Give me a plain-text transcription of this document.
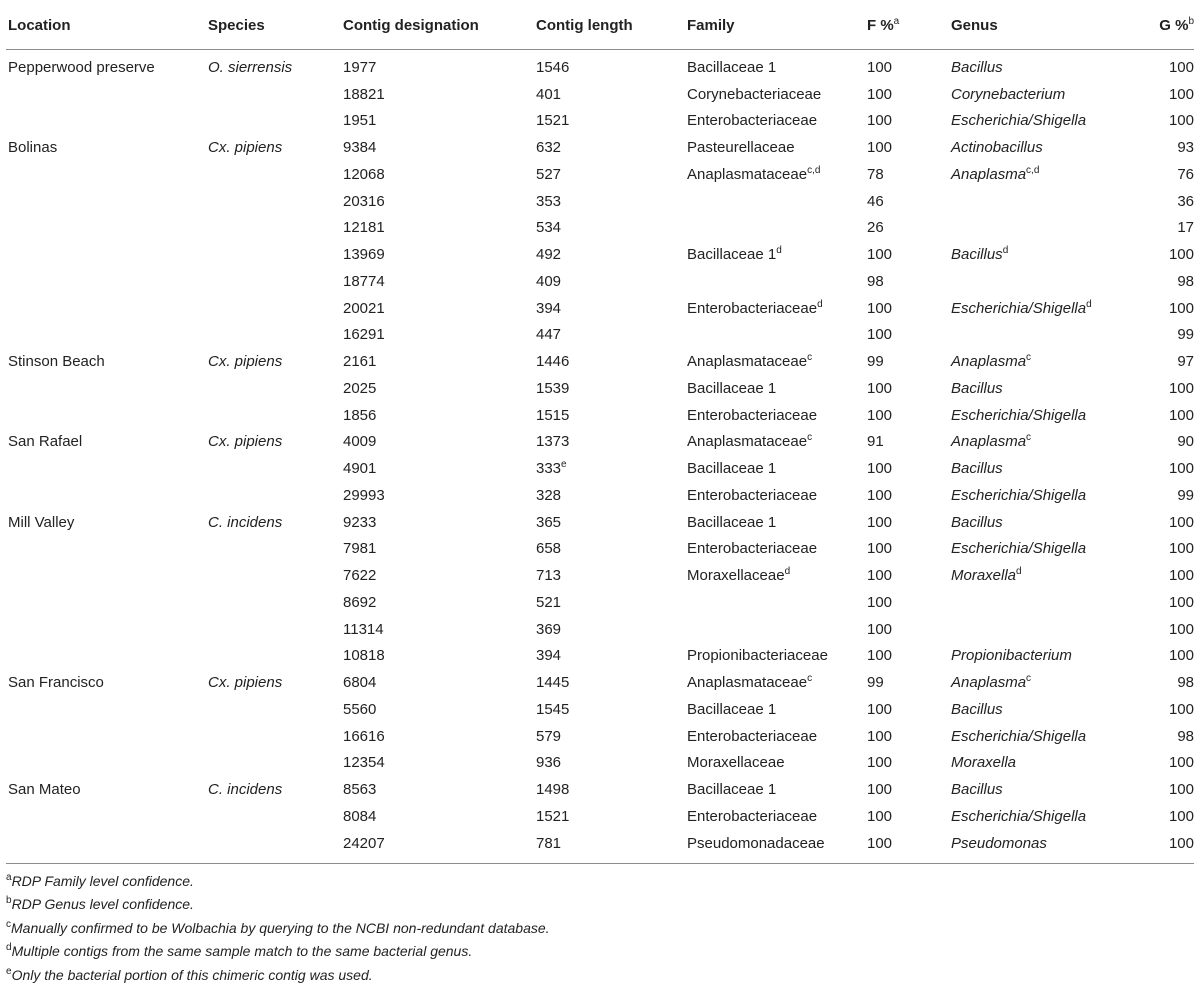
Location	Species	Contig designation	Contig length	Family	F %$^a$	Genus	G %$^b$
Pepperwood preserve	O. sierrensis	1977	1546	Bacillaceae 1	100	Bacillus	100
		18821	401	Corynebacteriaceae	100	Corynebacterium	100
		1951	1521	Enterobacteriaceae	100	Escherichia/Shigella	100
Bolinas	Cx. pipiens	9384	632	Pasteurellaceae	100	Actinobacillus	93
		12068	527	Anaplasmataceae$^{c,d}$	78	Anaplasma$^{c,d}$	76
		20316	353		46		36
		12181	534		26		17
		13969	492	Bacillaceae 1$^d$	100	Bacillus$^d$	100
		18774	409		98		98
		20021	394	Enterobacteriaceae$^d$	100	Escherichia/Shigella$^d$	100
		16291	447		100		99
Stinson Beach	Cx. pipiens	2161	1446	Anaplasmataceae$^c$	99	Anaplasma$^c$	97
		2025	1539	Bacillaceae 1	100	Bacillus	100
		1856	1515	Enterobacteriaceae	100	Escherichia/Shigella	100
San Rafael	Cx. pipiens	4009	1373	Anaplasmataceae$^c$	91	Anaplasma$^c$	90
		4901	333e	Bacillaceae 1	100	Bacillus	100
		29993	328	Enterobacteriaceae	100	Escherichia/Shigella	99
Mill Valley	C. incidens	9233	365	Bacillaceae 1	100	Bacillus	100
		7981	658	Enterobacteriaceae	100	Escherichia/Shigella	100
		7622	713	Moraxellaceae$^d$	100	Moraxella$^d$	100
		8692	521		100		100
		11314	369		100		100
		10818	394	Propionibacteriaceae	100	Propionibacterium	100
San Francisco	Cx. pipiens	6804	1445	Anaplasmataceae$^c$	99	Anaplasma$^c$	98
		5560	1545	Bacillaceae 1	100	Bacillus	100
		16616	579	Enterobacteriaceae	100	Escherichia/Shigella	98
		12354	936	Moraxellaceae	100	Moraxella	100
San Mateo	C. incidens	8563	1498	Bacillaceae 1	100	Bacillus	100
		8084	1521	Enterobacteriaceae	100	Escherichia/Shigella	100
		24207	781	Pseudomonadaceae	100	Pseudomonas	100
$^a$RDP Family level confidence.
$^b$RDP Genus level confidence.
$^c$Manually confirmed to be Wolbachia by querying to the NCBI non-redundant database.
$^d$Multiple contigs from the same sample match to the same bacterial genus.
$^e$Only the bacterial portion of this chimeric contig was used.
